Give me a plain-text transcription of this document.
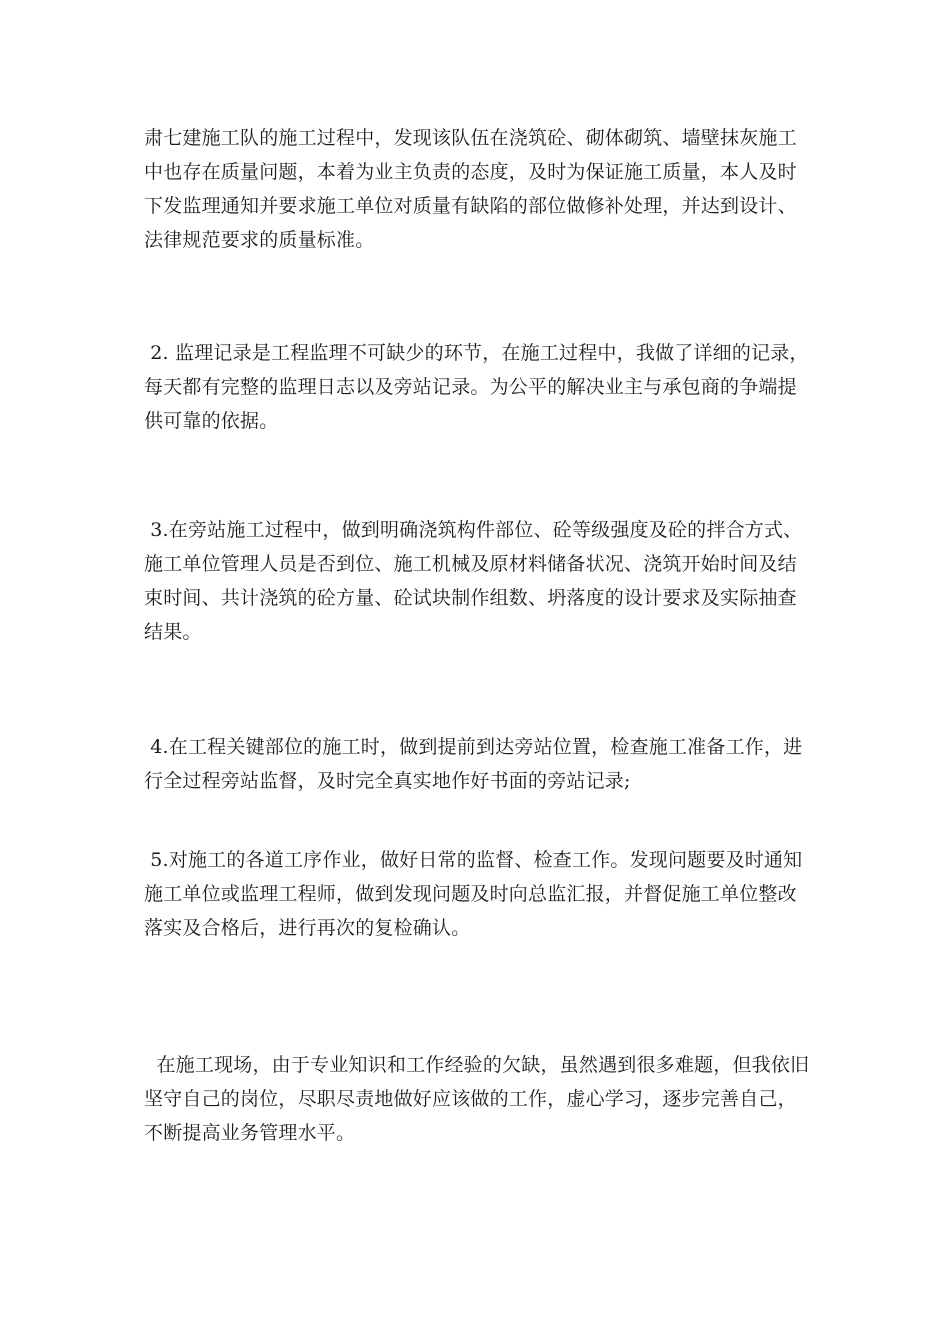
肃七建施工队的施工过程中，发现该队伍在浇筑砼、砌体砌筑、墙壁抹灰施工中也存在质量问题，本着为业主负责的态度，及时为保证施工质量，本人及时下发监理通知并要求施工单位对质量有缺陷的部位做修补处理，并达到设计、法律规范要求的质量标准。

2. 监理记录是工程监理不可缺少的环节，在施工过程中，我做了详细的记录，每天都有完整的监理日志以及旁站记录。为公平的解决业主与承包商的争端提供可靠的依据。

3.在旁站施工过程中，做到明确浇筑构件部位、砼等级强度及砼的拌合方式、施工单位管理人员是否到位、施工机械及原材料储备状况、浇筑开始时间及结束时间、共计浇筑的砼方量、砼试块制作组数、坍落度的设计要求及实际抽查结果。

4.在工程关键部位的施工时，做到提前到达旁站位置，检查施工准备工作，进行全过程旁站监督，及时完全真实地作好书面的旁站记录;

5.对施工的各道工序作业，做好日常的监督、检查工作。发现问题要及时通知施工单位或监理工程师，做到发现问题及时向总监汇报，并督促施工单位整改落实及合格后，进行再次的复检确认。

在施工现场，由于专业知识和工作经验的欠缺，虽然遇到很多难题，但我依旧坚守自己的岗位，尽职尽责地做好应该做的工作，虚心学习，逐步完善自己，不断提高业务管理水平。
